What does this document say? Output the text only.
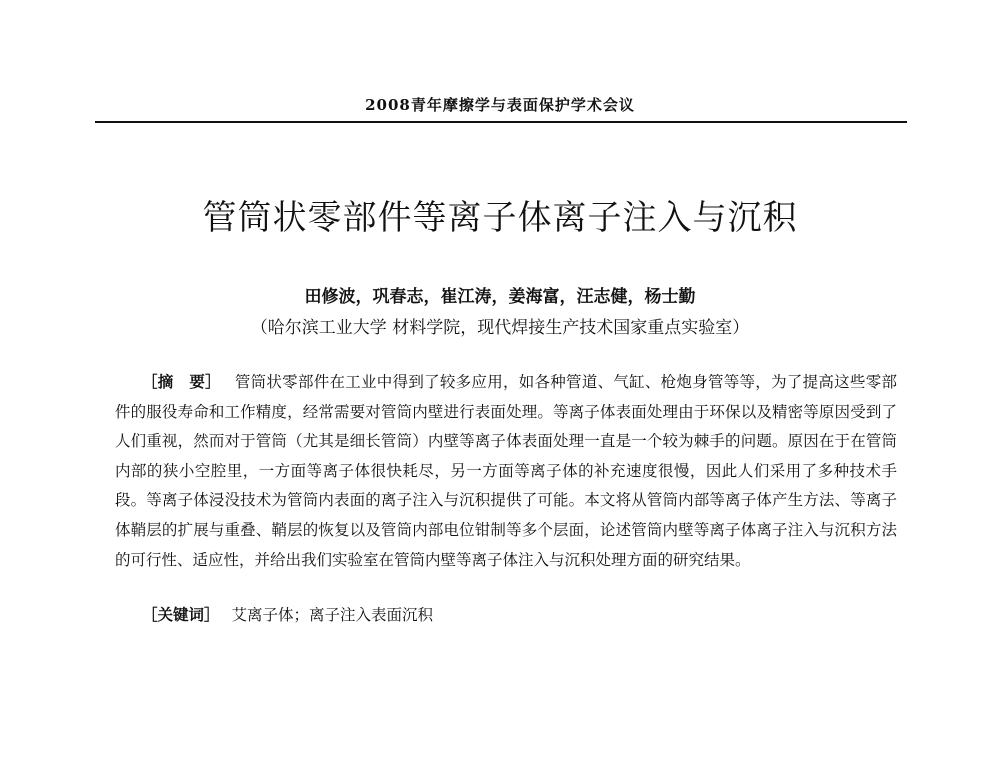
2008青年摩擦学与表面保护学术会议
管筒状零部件等离子体离子注入与沉积
田修波，巩春志，崔江涛，姜海富，汪志健，杨士勤
（哈尔滨工业大学 材料学院，现代焊接生产技术国家重点实验室）

［摘　要］ 管筒状零部件在工业中得到了较多应用，如各种管道、气缸、枪炮身管等等，为了提高这些零部件的服役寿命和工作精度，经常需要对管筒内壁进行表面处理。等离子体表面处理由于环保以及精密等原因受到了人们重视，然而对于管筒（尤其是细长管筒）内壁等离子体表面处理一直是一个较为棘手的问题。原因在于在管筒内部的狭小空腔里，一方面等离子体很快耗尽，另一方面等离子体的补充速度很慢，因此人们采用了多种技术手段。等离子体浸没技术为管筒内表面的离子注入与沉积提供了可能。本文将从管筒内部等离子体产生方法、等离子体鞘层的扩展与重叠、鞘层的恢复以及管筒内部电位钳制等多个层面，论述管筒内壁等离子体离子注入与沉积方法的可行性、适应性，并给出我们实验室在管筒内壁等离子体注入与沉积处理方面的研究结果。

［关键词］ 艾离子体；离子注入表面沉积
